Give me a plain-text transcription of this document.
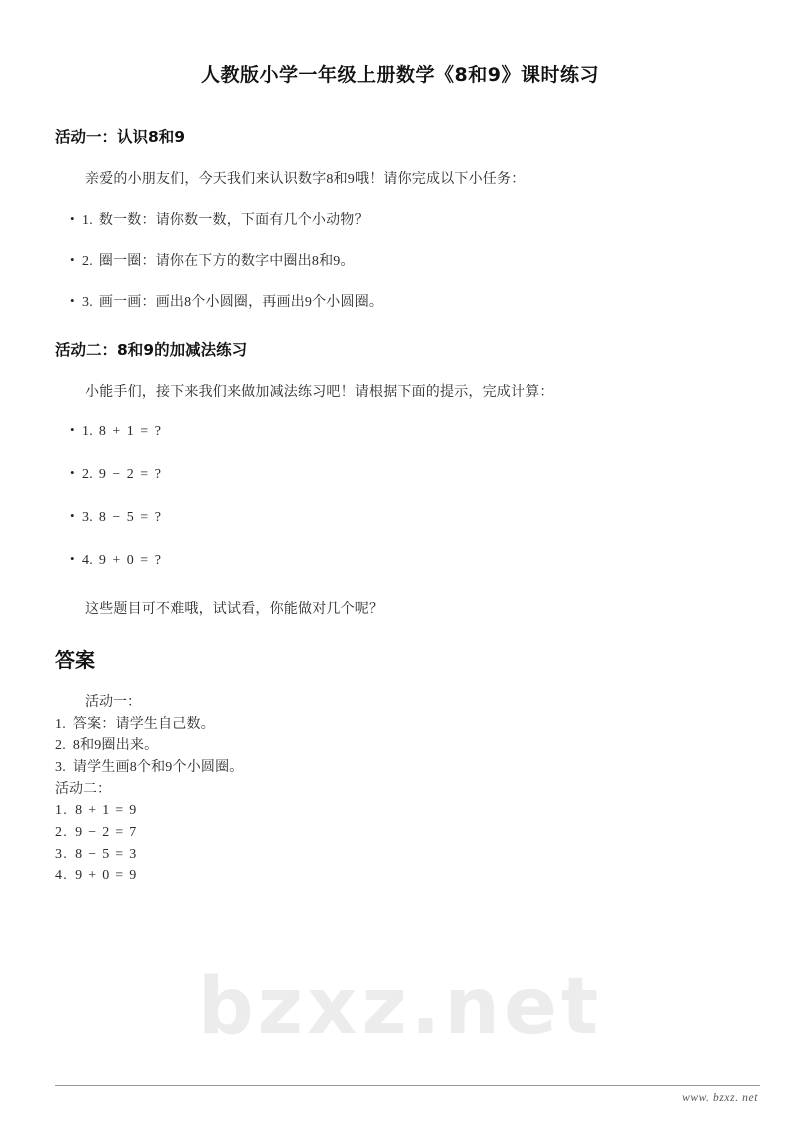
bzxz.net
人教版小学一年级上册数学《8和9》课时练习
活动一：认识8和9

亲爱的小朋友们，今天我们来认识数字8和9哦！请你完成以下小任务：

• 1. 数一数：请你数一数，下面有几个小动物？
• 2. 圈一圈：请你在下方的数字中圈出8和9。
• 3. 画一画：画出8个小圆圈，再画出9个小圆圈。
活动二：8和9的加减法练习

小能手们，接下来我们来做加减法练习吧！请根据下面的提示，完成计算：

• 1. 8 + 1 = ?
• 2. 9 − 2 = ?
• 3. 8 − 5 = ?
• 4. 9 + 0 = ?

这些题目可不难哦，试试看，你能做对几个呢？

答案
活动一：
1. 答案：请学生自己数。
2. 8和9圈出来。
3. 请学生画8个和9个小圆圈。
活动二：
1. 8 + 1 = 9
2. 9 − 2 = 7
3. 8 − 5 = 3
4. 9 + 0 = 9
www. bzxz. net
